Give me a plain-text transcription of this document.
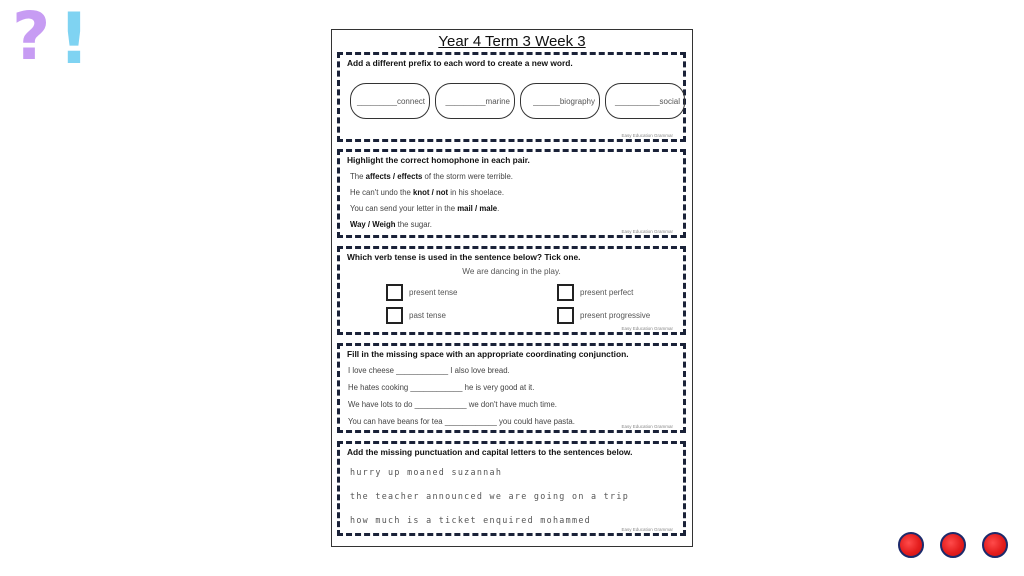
? !	Year 4 Term 3 Week 3
Add a different prefix to each word to create a new word.
_________connect	_________marine	______biography	__________social
Easy Education Grammar
Highlight the correct homophone in each pair.
The affects / effects of the storm were terrible.
He can't undo the knot / not in his shoelace.
You can send your letter in the mail / male.
Way / Weigh the sugar.
Easy Education Grammar
Which verb tense is used in the sentence below? Tick one.
We are dancing in the play.
present tense	present perfect
past tense	present progressive
Easy Education Grammar
Fill in the missing space with an appropriate coordinating conjunction.
I love cheese ____________ I also love bread.
He hates cooking ____________ he is very good at it.
We have lots to do ____________ we don't have much time.
You can have beans for tea ____________ you could have pasta.
Easy Education Grammar
Add the missing punctuation and capital letters to the sentences below.
hurry up moaned suzannah
the teacher announced we are going on a trip
how much is a ticket enquired mohammed
Easy Education Grammar
